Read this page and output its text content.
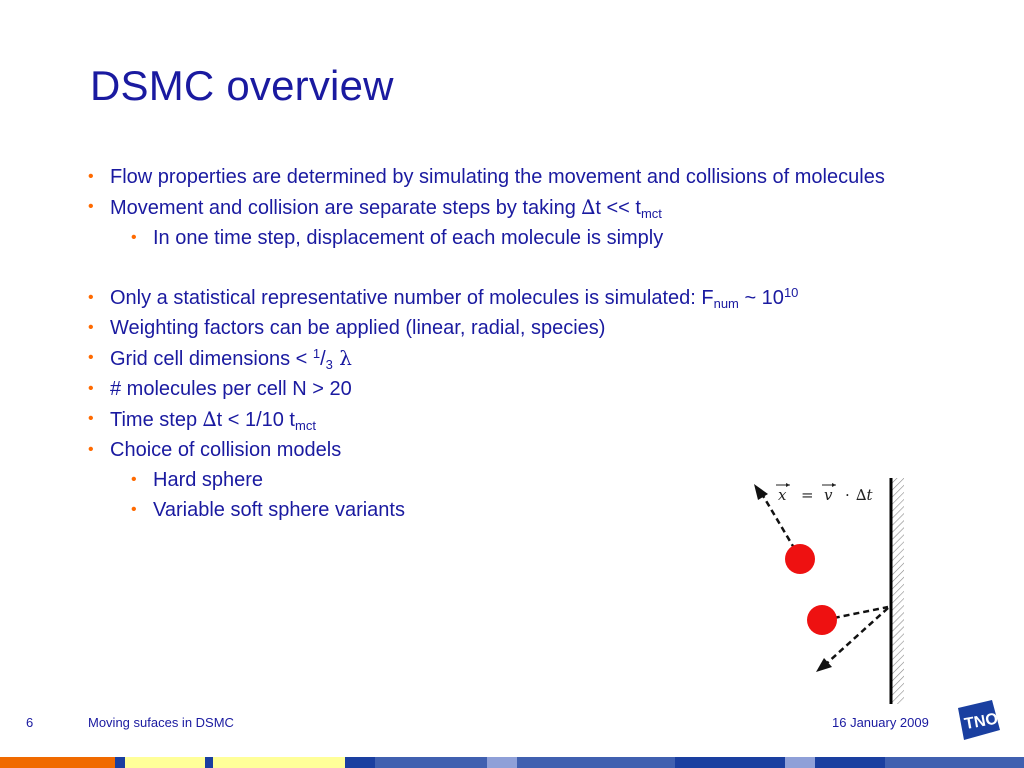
DSMC overview
• Flow properties are determined by simulating the movement and collisions of molecules
• Movement and collision are separate steps by taking $\Delta t << t_{mct}$
• In one time step, displacement of each molecule is simply
• Only a statistical representative number of molecules is simulated: $F_{num}$ ~ $10^{10}$
• Weighting factors can be applied (linear, radial, species)
• Grid cell dimensions < $^1/_3$ λ
• # molecules per cell N > 20
• Time step ∆t < 1/10 $t_{mct}$
• Choice of collision models
• Hard sphere
• Variable soft sphere variants
x = v · ∆t
6	Moving sufaces in DSMC	16 January 2009 TNO
